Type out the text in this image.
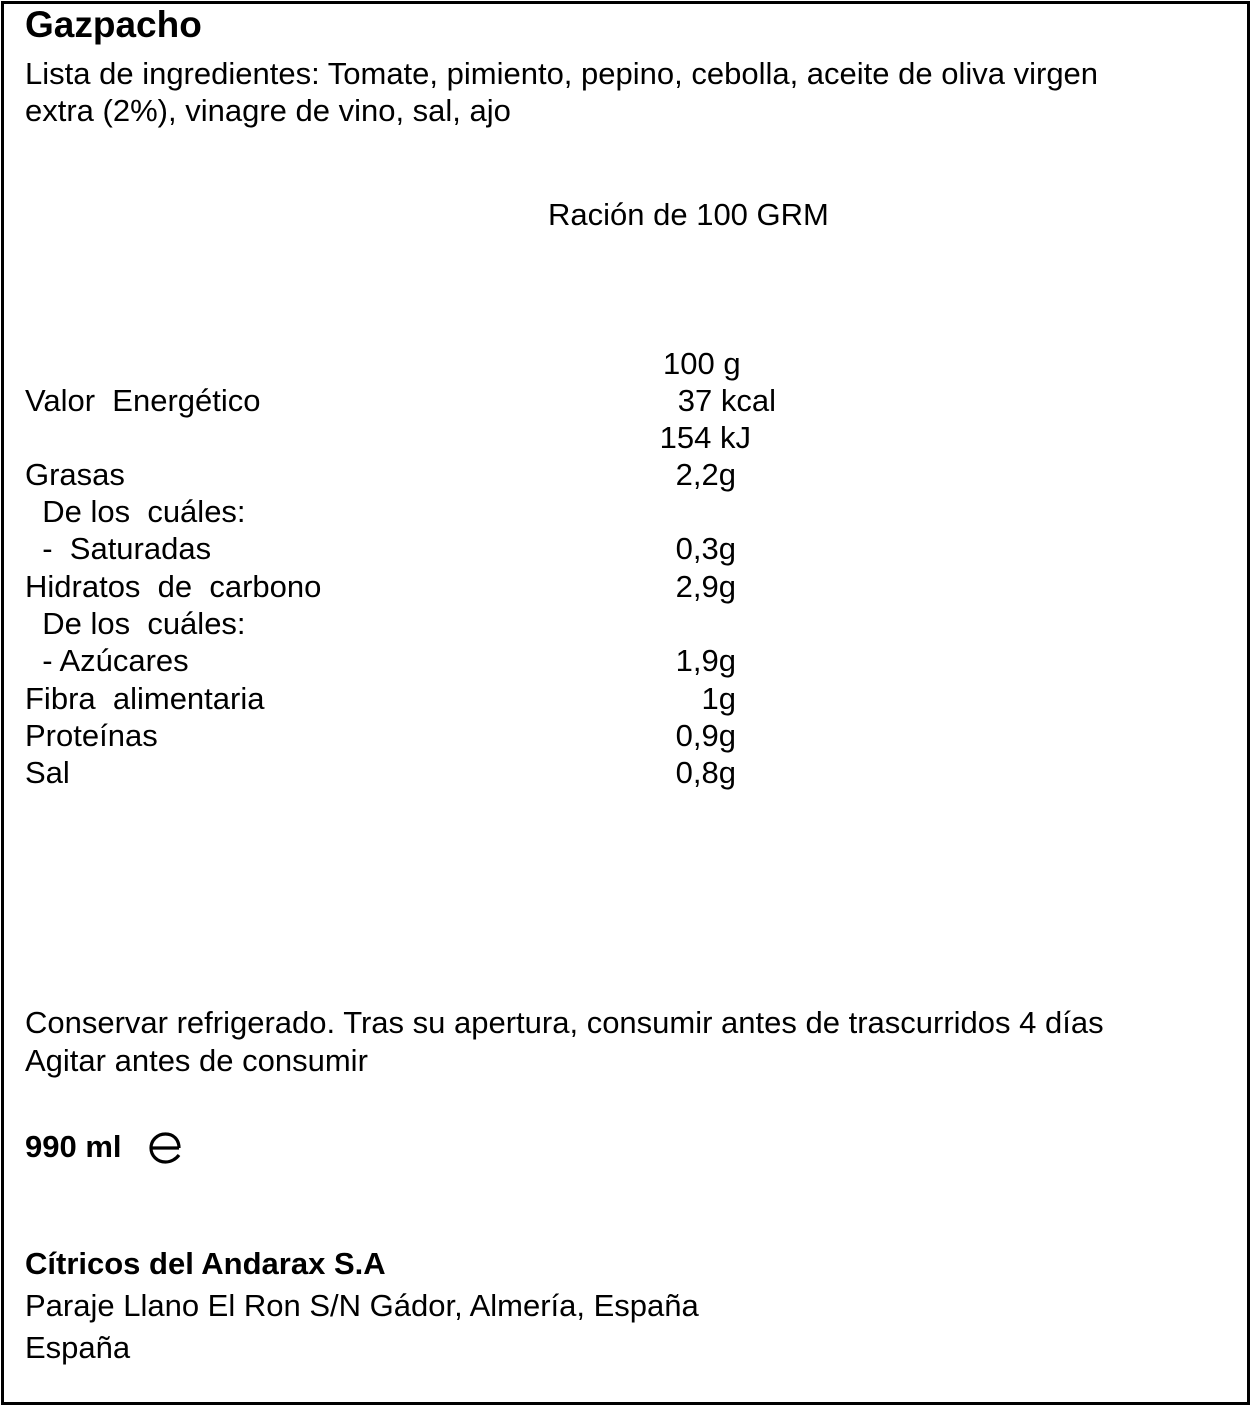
Gazpacho
Lista de ingredientes: Tomate, pimiento, pepino, cebolla, aceite de oliva virgen
extra (2%), vinagre de vino, sal, ajo
Ración de 100 GRM
100 g
Valor  Energético	37 kcal
154 kJ
Grasas	2,2g
De los  cuáles:
-  Saturadas	0,3g
Hidratos  de  carbono	2,9g
De los  cuáles:
- Azúcares	1,9g
Fibra  alimentaria	1g
Proteínas	0,9g
Sal	0,8g
Conservar refrigerado. Tras su apertura, consumir antes de trascurridos 4 días
Agitar antes de consumir
990 ml
Cítricos del Andarax S.A
Paraje Llano El Ron S/N Gádor, Almería, España
España
